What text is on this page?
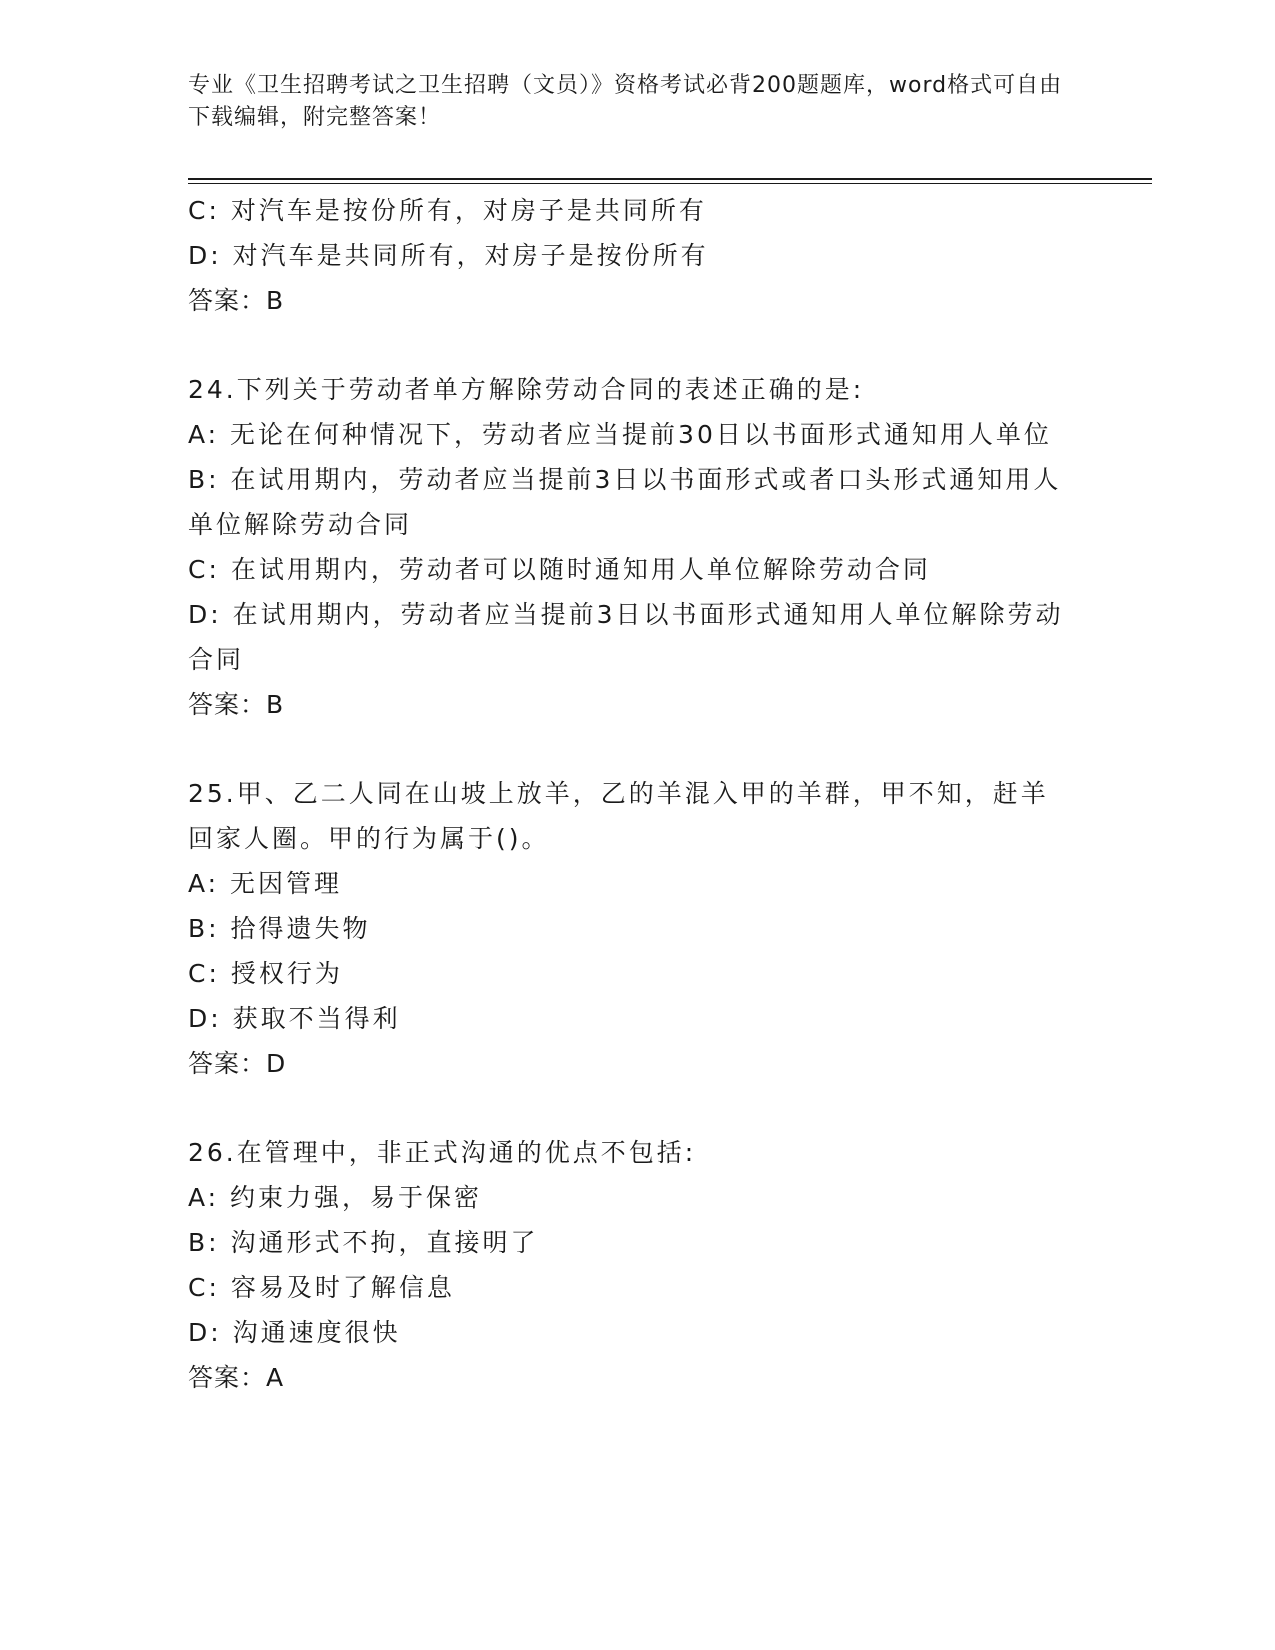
专业《卫生招聘考试之卫生招聘（文员）》资格考试必背200题题库，word格式可自由下载编辑，附完整答案！
C: 对汽车是按份所有，对房子是共同所有
D: 对汽车是共同所有，对房子是按份所有
答案：B
24.下列关于劳动者单方解除劳动合同的表述正确的是:
A: 无论在何种情况下，劳动者应当提前30日以书面形式通知用人单位
B: 在试用期内，劳动者应当提前3日以书面形式或者口头形式通知用人单位解除劳动合同
C: 在试用期内，劳动者可以随时通知用人单位解除劳动合同
D: 在试用期内，劳动者应当提前3日以书面形式通知用人单位解除劳动合同
答案：B
25.甲、乙二人同在山坡上放羊，乙的羊混入甲的羊群，甲不知，赶羊回家人圈。甲的行为属于()。
A: 无因管理
B: 拾得遗失物
C: 授权行为
D: 获取不当得利
答案：D
26.在管理中，非正式沟通的优点不包括:
A: 约束力强，易于保密
B: 沟通形式不拘，直接明了
C: 容易及时了解信息
D: 沟通速度很快
答案：A
